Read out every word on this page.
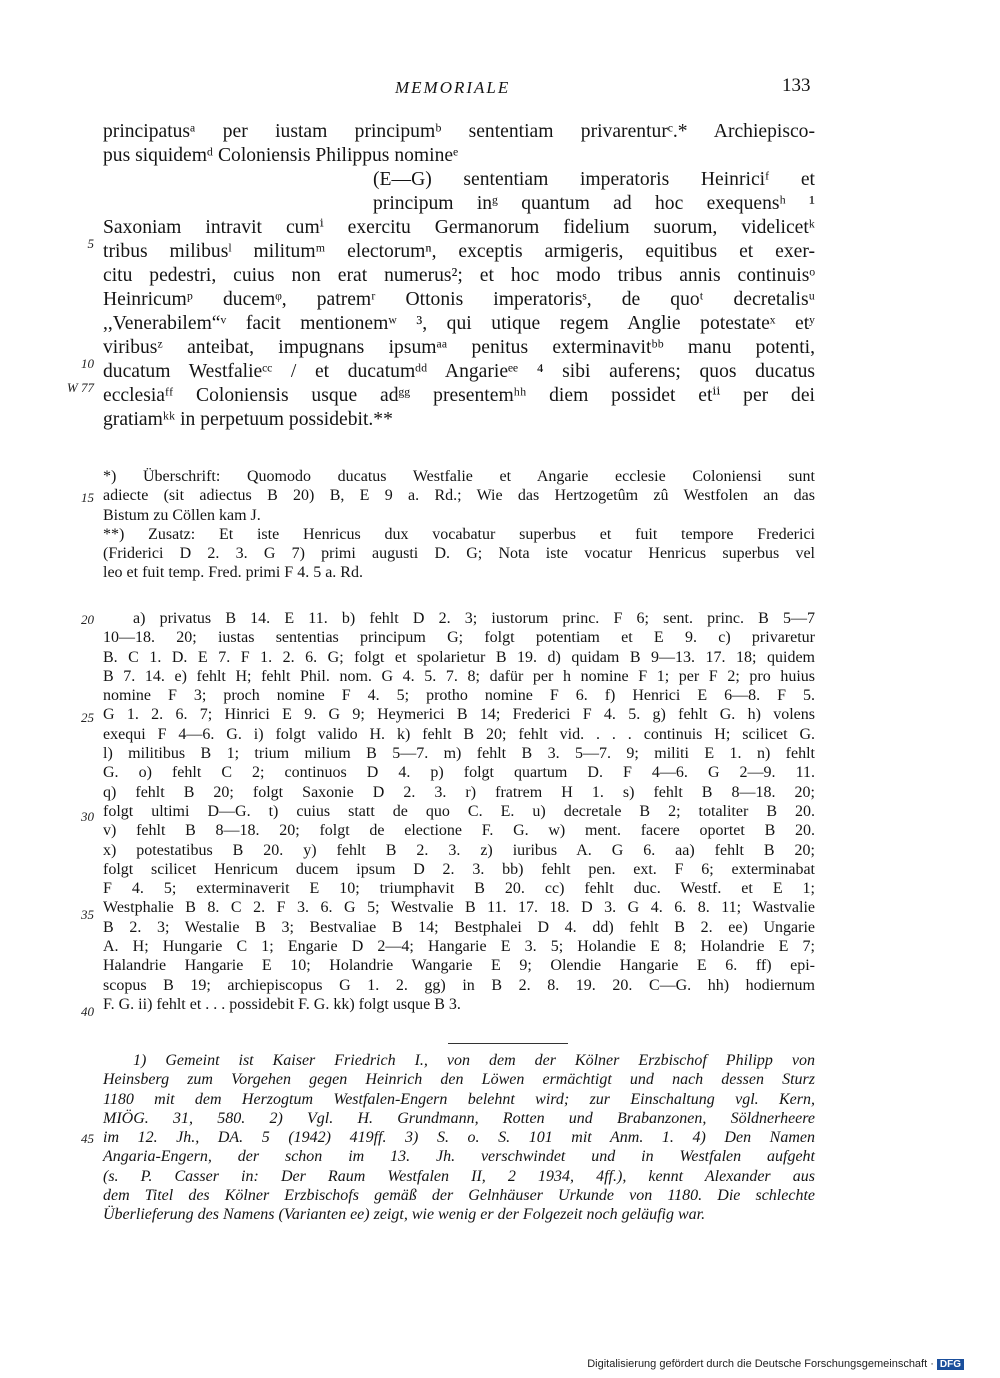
MEMORIALE	133
principatusᵃ per iustam principumᵇ sententiam privarenturᶜ.* Archiepisco-
pus siquidemᵈ Coloniensis Philippus nomineᵉ
(E—G) sententiam imperatoris Heinriciᶠ et
principum inᵍ quantum ad hoc exequensʰ ¹
Saxoniam intravit cumⁱ exercitu Germanorum fidelium suorum, videlicetᵏ
tribus milibusˡ militumᵐ electorumⁿ, exceptis armigeris, equitibus et exer-
citu pedestri, cuius non erat numerus²; et hoc modo tribus annis continuisᵒ
Heinricumᵖ ducemᵠ, patremʳ Ottonis imperatorisˢ, de quoᵗ decretalisᵘ
,,Venerabilem“ᵛ facit mentionemʷ ³, qui utique regem Anglie potestateˣ etʸ
viribusᶻ anteibat, impugnans ipsumᵃᵃ penitus exterminavitᵇᵇ manu potenti,
ducatum Westfalieᶜᶜ / et ducatumᵈᵈ Angarieᵉᵉ ⁴ sibi auferens; quos ducatus
ecclesiaᶠᶠ Coloniensis usque adᵍᵍ presentemʰʰ diem possidet etⁱⁱ per dei
gratiamᵏᵏ in perpetuum possidebit.**
*) Überschrift: Quomodo ducatus Westfalie et Angarie ecclesie Coloniensi sunt
adiecte (sit adiectus B 20) B, E 9 a. Rd.; Wie das Hertzogetûm zû Westfolen an das
Bistum zu Cöllen kam J.
**) Zusatz: Et iste Henricus dux vocabatur superbus et fuit tempore Frederici
(Friderici D 2. 3. G 7) primi augusti D. G; Nota iste vocatur Henricus superbus vel
leo et fuit temp. Fred. primi F 4. 5 a. Rd.
a) privatus B 14. E 11. b) fehlt D 2. 3; iustorum princ. F 6; sent. princ. B 5—7
10—18. 20; iustas sententias principum G; folgt potentiam et E 9. c) privaretur
B. C 1. D. E 7. F 1. 2. 6. G; folgt et spolarietur B 19. d) quidam B 9—13. 17. 18; quidem
B 7. 14. e) fehlt H; fehlt Phil. nom. G 4. 5. 7. 8; dafür per h nomine F 1; per F 2; pro huius
nomine F 3; proch nomine F 4. 5; protho nomine F 6. f) Henrici E 6—8. F 5.
G 1. 2. 6. 7; Hinrici E 9. G 9; Heymerici B 14; Frederici F 4. 5. g) fehlt G. h) volens
exequi F 4—6. G. i) folgt valido H. k) fehlt B 20; fehlt vid. . . . continuis H; scilicet G.
l) militibus B 1; trium milium B 5—7. m) fehlt B 3. 5—7. 9; militi E 1. n) fehlt
G. o) fehlt C 2; continuos D 4. p) folgt quartum D. F 4—6. G 2—9. 11.
q) fehlt B 20; folgt Saxonie D 2. 3. r) fratrem H 1. s) fehlt B 8—18. 20;
folgt ultimi D—G. t) cuius statt de quo C. E. u) decretale B 2; totaliter B 20.
v) fehlt B 8—18. 20; folgt de electione F. G. w) ment. facere oportet B 20.
x) potestatibus B 20. y) fehlt B 2. 3. z) iuribus A. G 6. aa) fehlt B 20;
folgt scilicet Henricum ducem ipsum D 2. 3. bb) fehlt pen. ext. F 6; exterminabat
F 4. 5; exterminaverit E 10; triumphavit B 20. cc) fehlt duc. Westf. et E 1;
Westphalie B 8. C 2. F 3. 6. G 5; Westvalie B 11. 17. 18. D 3. G 4. 6. 8. 11; Wastvalie
B 2. 3; Westalie B 3; Bestvaliae B 14; Bestphalei D 4. dd) fehlt B 2. ee) Ungarie
A. H; Hungarie C 1; Engarie D 2—4; Hangarie E 3. 5; Holandie E 8; Holandrie E 7;
Halandrie Hangarie E 10; Holandrie Wangarie E 9; Olendie Hangarie E 6. ff) epi-
scopus B 19; archiepiscopus G 1. 2. gg) in B 2. 8. 19. 20. C—G. hh) hodiernum
F. G. ii) fehlt et . . . possidebit F. G. kk) folgt usque B 3.
1) Gemeint ist Kaiser Friedrich I., von dem der Kölner Erzbischof Philipp von
Heinsberg zum Vorgehen gegen Heinrich den Löwen ermächtigt und nach dessen Sturz
1180 mit dem Herzogtum Westfalen-Engern belehnt wird; zur Einschaltung vgl. Kern,
MIÖG. 31, 580. 2) Vgl. H. Grundmann, Rotten und Brabanzonen, Söldnerheere
im 12. Jh., DA. 5 (1942) 419ff. 3) S. o. S. 101 mit Anm. 1. 4) Den Namen
Angaria-Engern, der schon im 13. Jh. verschwindet und in Westfalen aufgeht
(s. P. Casser in: Der Raum Westfalen II, 2 1934, 4ff.), kennt Alexander aus
dem Titel des Kölner Erzbischofs gemäß der Gelnhäuser Urkunde von 1180. Die schlechte
Überlieferung des Namens (Varianten ee) zeigt, wie wenig er der Folgezeit noch geläufig war.
5
10
W 77
15
20
25
30
35
40
45
Digitalisierung gefördert durch die Deutsche Forschungsgemeinschaft · DFG
